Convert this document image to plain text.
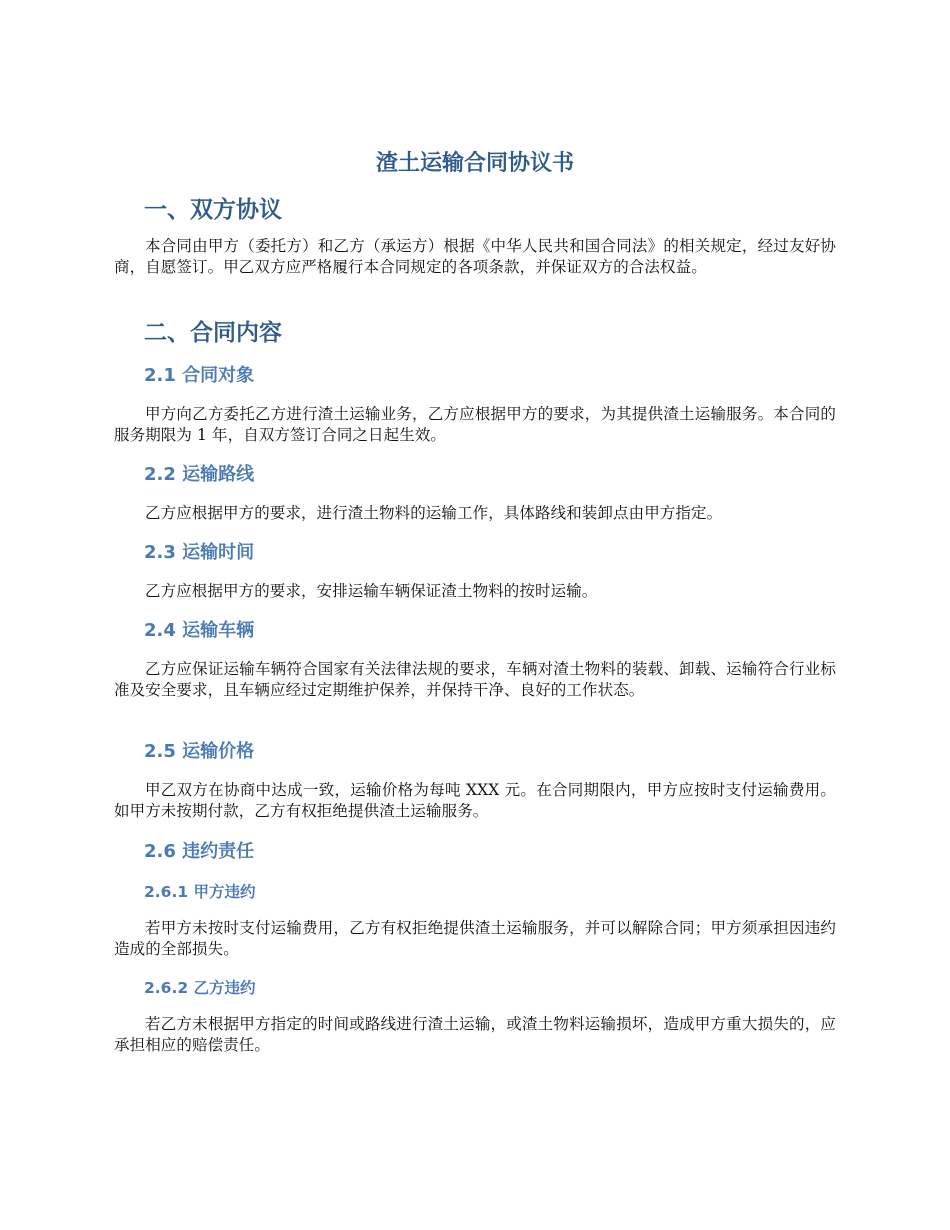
渣土运输合同协议书
一、双方协议

本合同由甲方（委托方）和乙方（承运方）根据《中华人民共和国合同法》的相关规定，经过友好协商，自愿签订。甲乙双方应严格履行本合同规定的各项条款，并保证双方的合法权益。

二、合同内容
2.1 合同对象

甲方向乙方委托乙方进行渣土运输业务，乙方应根据甲方的要求，为其提供渣土运输服务。本合同的服务期限为 1 年，自双方签订合同之日起生效。

2.2 运输路线

乙方应根据甲方的要求，进行渣土物料的运输工作，具体路线和装卸点由甲方指定。

2.3 运输时间

乙方应根据甲方的要求，安排运输车辆保证渣土物料的按时运输。

2.4 运输车辆

乙方应保证运输车辆符合国家有关法律法规的要求，车辆对渣土物料的装载、卸载、运输符合行业标准及安全要求，且车辆应经过定期维护保养，并保持干净、良好的工作状态。

2.5 运输价格

甲乙双方在协商中达成一致，运输价格为每吨 XXX 元。在合同期限内，甲方应按时支付运输费用。如甲方未按期付款，乙方有权拒绝提供渣土运输服务。

2.6 违约责任
2.6.1 甲方违约

若甲方未按时支付运输费用，乙方有权拒绝提供渣土运输服务，并可以解除合同；甲方须承担因违约造成的全部损失。

2.6.2 乙方违约

若乙方未根据甲方指定的时间或路线进行渣土运输，或渣土物料运输损坏，造成甲方重大损失的，应承担相应的赔偿责任。
